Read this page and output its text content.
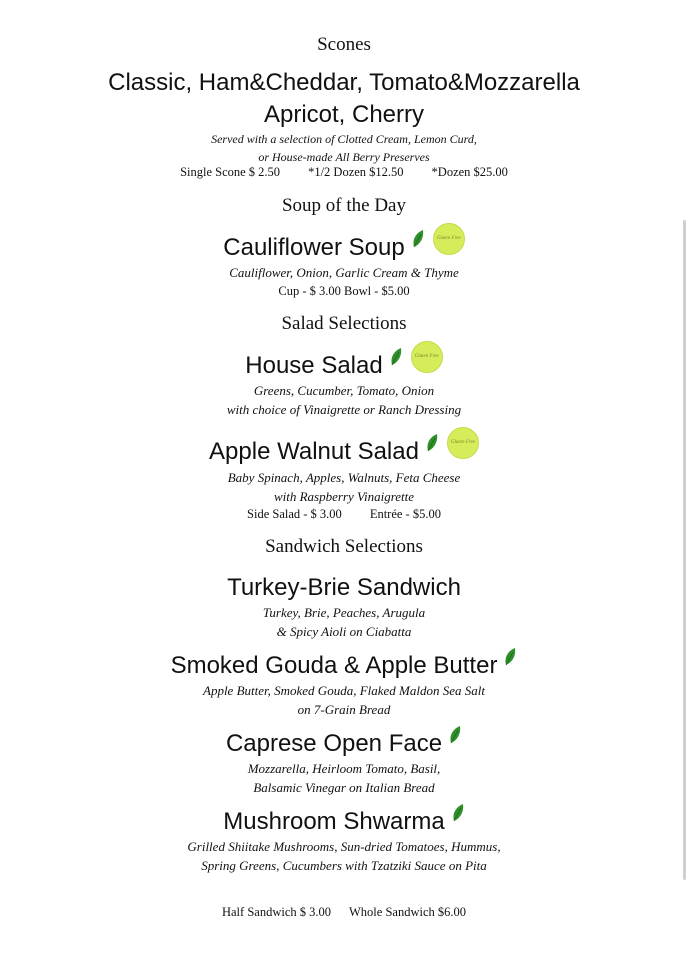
Scones
Classic, Ham&Cheddar, Tomato&Mozzarella
Apricot, Cherry
Served with a selection of Clotted Cream, Lemon Curd,
or House-made All Berry Preserves
Single Scone $ 2.50 *1/2 Dozen $12.50 *Dozen $25.00
Soup of the Day
Cauliflower Soup	Gluten Free
Cauliflower, Onion, Garlic Cream & Thyme
Cup - $ 3.00 Bowl - $5.00
Salad Selections
House Salad	Gluten Free
Greens, Cucumber, Tomato, Onion
with choice of Vinaigrette or Ranch Dressing
Apple Walnut Salad	Gluten Free
Baby Spinach, Apples, Walnuts, Feta Cheese
with Raspberry Vinaigrette
Side Salad - $ 3.00 Entrée - $5.00
Sandwich Selections
Turkey-Brie Sandwich
Turkey, Brie, Peaches, Arugula
& Spicy Aioli on Ciabatta
Smoked Gouda & Apple Butter
Apple Butter, Smoked Gouda, Flaked Maldon Sea Salt
on 7-Grain Bread
Caprese Open Face
Mozzarella, Heirloom Tomato, Basil,
Balsamic Vinegar on Italian Bread
Mushroom Shwarma
Grilled Shiitake Mushrooms, Sun-dried Tomatoes, Hummus,
Spring Greens, Cucumbers with Tzatziki Sauce on Pita
Half Sandwich $ 3.00 Whole Sandwich $6.00
